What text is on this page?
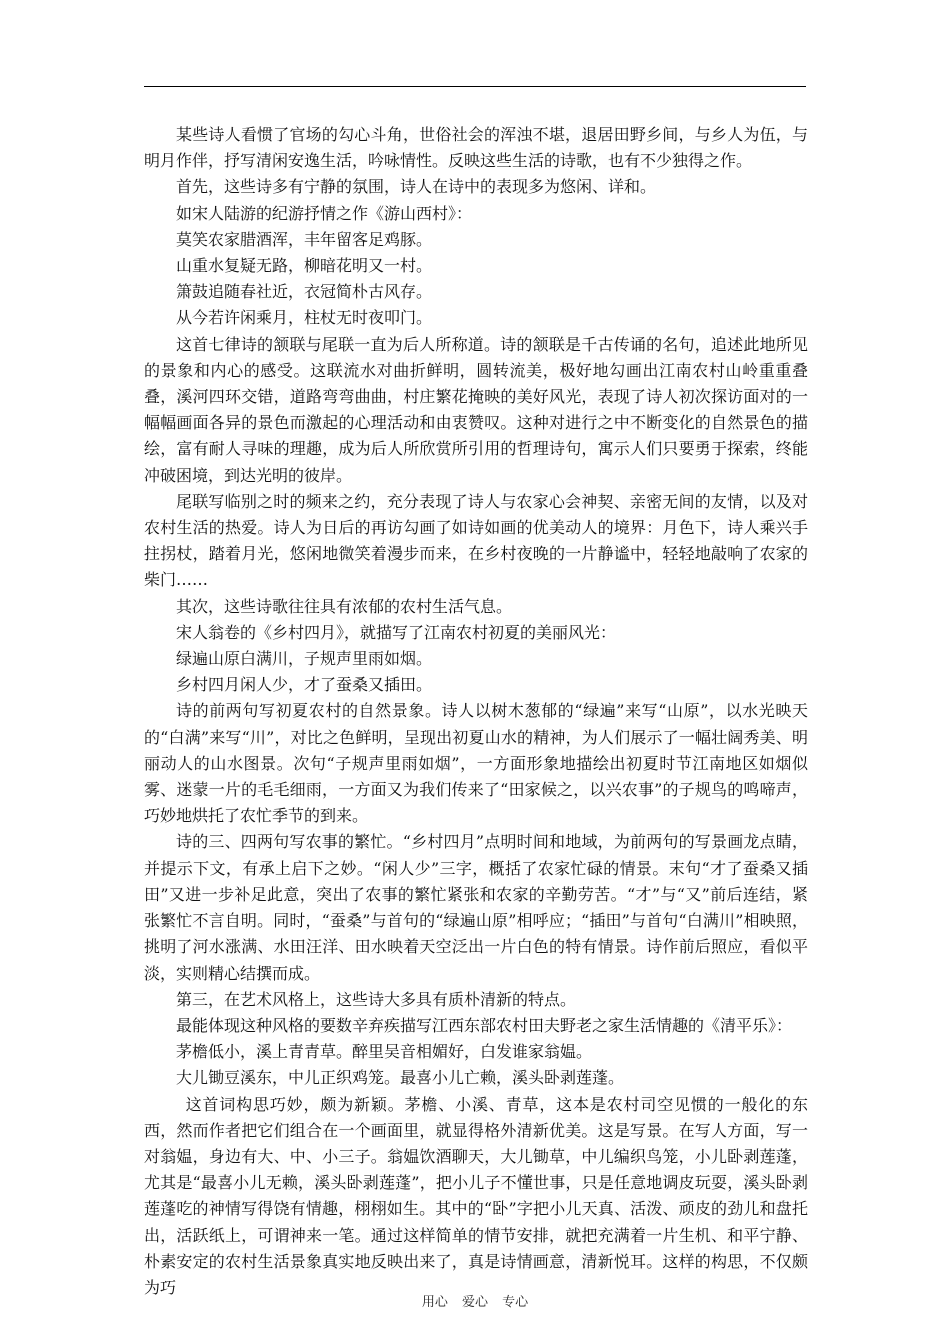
某些诗人看惯了官场的勾心斗角，世俗社会的浑浊不堪，退居田野乡间，与乡人为伍，与明月作伴，抒写清闲安逸生活，吟咏情性。反映这些生活的诗歌，也有不少独得之作。

首先，这些诗多有宁静的氛围，诗人在诗中的表现多为悠闲、详和。

如宋人陆游的纪游抒情之作《游山西村》：

莫笑农家腊酒浑，丰年留客足鸡豚。

山重水复疑无路，柳暗花明又一村。

箫鼓追随春社近，衣冠简朴古风存。

从今若许闲乘月，柱杖无时夜叩门。

这首七律诗的颔联与尾联一直为后人所称道。诗的颔联是千古传诵的名句，追述此地所见的景象和内心的感受。这联流水对曲折鲜明，圆转流美，极好地勾画出江南农村山岭重重叠叠，溪河四环交错，道路弯弯曲曲，村庄繁花掩映的美好风光，表现了诗人初次探访面对的一幅幅画面各异的景色而激起的心理活动和由衷赞叹。这种对进行之中不断变化的自然景色的描绘，富有耐人寻味的理趣，成为后人所欣赏所引用的哲理诗句，寓示人们只要勇于探索，终能冲破困境，到达光明的彼岸。

尾联写临别之时的频来之约，充分表现了诗人与农家心会神契、亲密无间的友情，以及对农村生活的热爱。诗人为日后的再访勾画了如诗如画的优美动人的境界：月色下，诗人乘兴手拄拐杖，踏着月光，悠闲地微笑着漫步而来，在乡村夜晚的一片静谧中，轻轻地敲响了农家的柴门……

其次，这些诗歌往往具有浓郁的农村生活气息。

宋人翁卷的《乡村四月》，就描写了江南农村初夏的美丽风光：

绿遍山原白满川，子规声里雨如烟。

乡村四月闲人少，才了蚕桑又插田。

诗的前两句写初夏农村的自然景象。诗人以树木葱郁的“绿遍”来写“山原”，以水光映天的“白满”来写“川”，对比之色鲜明，呈现出初夏山水的精神，为人们展示了一幅壮阔秀美、明丽动人的山水图景。次句“子规声里雨如烟”，一方面形象地描绘出初夏时节江南地区如烟似雾、迷蒙一片的毛毛细雨，一方面又为我们传来了“田家候之，以兴农事”的子规鸟的鸣啼声，巧妙地烘托了农忙季节的到来。

诗的三、四两句写农事的繁忙。“乡村四月”点明时间和地域，为前两句的写景画龙点睛，并提示下文，有承上启下之妙。“闲人少”三字，概括了农家忙碌的情景。末句“才了蚕桑又插田”又进一步补足此意，突出了农事的繁忙紧张和农家的辛勤劳苦。“才”与“又”前后连结，紧张繁忙不言自明。同时，“蚕桑”与首句的“绿遍山原”相呼应；“插田”与首句“白满川”相映照，挑明了河水涨满、水田汪洋、田水映着天空泛出一片白色的特有情景。诗作前后照应，看似平淡，实则精心结撰而成。

第三，在艺术风格上，这些诗大多具有质朴清新的特点。

最能体现这种风格的要数辛弃疾描写江西东部农村田夫野老之家生活情趣的《清平乐》：

茅檐低小，溪上青青草。醉里吴音相媚好，白发谁家翁媪。

大儿锄豆溪东，中儿正织鸡笼。最喜小儿亡赖，溪头卧剥莲蓬。

这首词构思巧妙，颇为新颖。茅檐、小溪、青草，这本是农村司空见惯的一般化的东西，然而作者把它们组合在一个画面里，就显得格外清新优美。这是写景。在写人方面，写一对翁媪，身边有大、中、小三子。翁媪饮酒聊天，大儿锄草，中儿编织鸟笼，小儿卧剥莲蓬，尤其是“最喜小儿无赖，溪头卧剥莲蓬”，把小儿子不懂世事，只是任意地调皮玩耍，溪头卧剥莲蓬吃的神情写得饶有情趣，栩栩如生。其中的“卧”字把小儿天真、活泼、顽皮的劲儿和盘托出，活跃纸上，可谓神来一笔。通过这样简单的情节安排，就把充满着一片生机、和平宁静、朴素安定的农村生活景象真实地反映出来了，真是诗情画意，清新悦耳。这样的构思，不仅颇为巧

用心 爱心 专心
